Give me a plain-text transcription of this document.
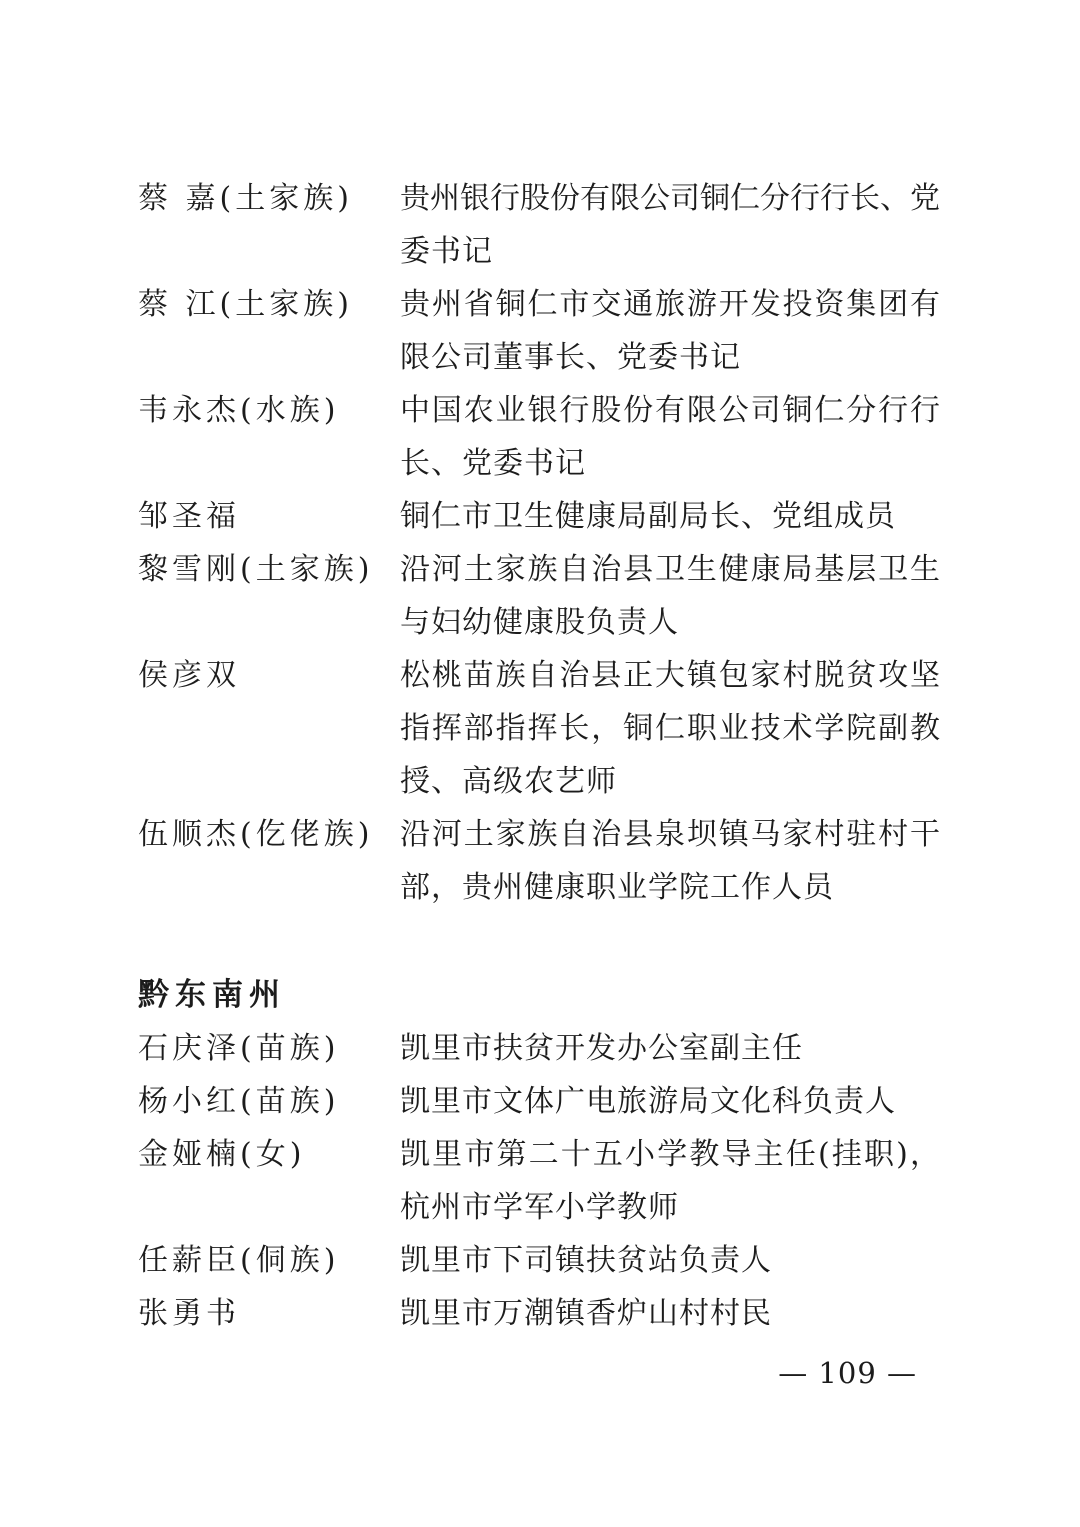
蔡 嘉(土家族)	贵州银行股份有限公司铜仁分行行长、党
委书记
蔡 江(土家族)	贵州省铜仁市交通旅游开发投资集团有
限公司董事长、党委书记
韦永杰(水族)	中国农业银行股份有限公司铜仁分行行
长、党委书记
邹圣福	铜仁市卫生健康局副局长、党组成员
黎雪刚(土家族) 沿河土家族自治县卫生健康局基层卫生
与妇幼健康股负责人
侯彦双	松桃苗族自治县正大镇包家村脱贫攻坚
指挥部指挥长，铜仁职业技术学院副教
授、高级农艺师
伍顺杰(仡佬族) 沿河土家族自治县泉坝镇马家村驻村干
部，贵州健康职业学院工作人员
黔东南州
石庆泽(苗族)	凯里市扶贫开发办公室副主任
杨小红(苗族)	凯里市文体广电旅游局文化科负责人
金娅楠(女)	凯里市第二十五小学教导主任(挂职)，
杭州市学军小学教师
任薪臣(侗族)	凯里市下司镇扶贫站负责人
张勇书	凯里市万潮镇香炉山村村民
— 109 —
